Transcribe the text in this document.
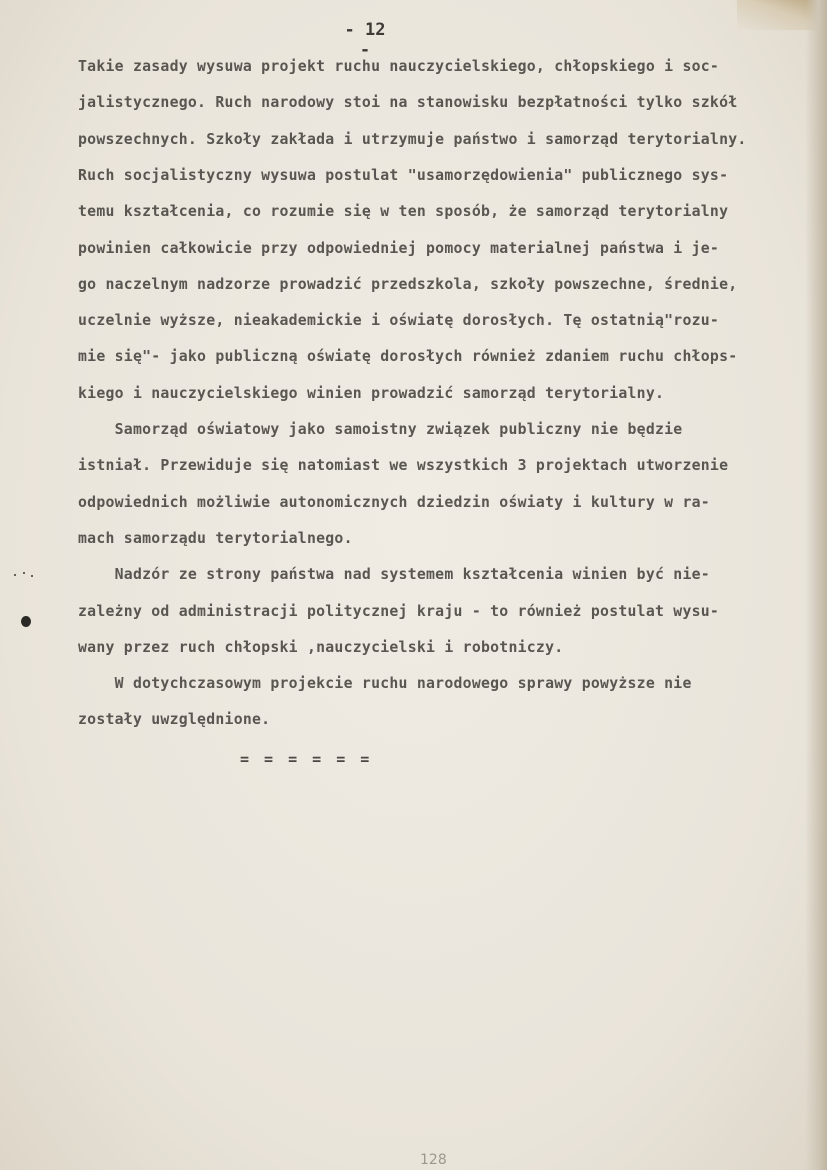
- 12 -
Takie zasady wysuwa projekt ruchu nauczycielskiego, chłopskiego i soc-
jalistycznego. Ruch narodowy stoi na stanowisku bezpłatności tylko szkół
powszechnych. Szkoły zakłada i utrzymuje państwo i samorząd terytorialny.
Ruch socjalistyczny wysuwa postulat "usamorzędowienia" publicznego sys-
temu kształcenia, co rozumie się w ten sposób, że samorząd terytorialny
powinien całkowicie przy odpowiedniej pomocy materialnej państwa i je-
go naczelnym nadzorze prowadzić przedszkola, szkoły powszechne, średnie,
uczelnie wyższe, nieakademickie i oświatę dorosłych. Tę ostatnią"rozu-
mie się"- jako publiczną oświatę dorosłych również zdaniem ruchu chłops-
kiego i nauczycielskiego winien prowadzić samorząd terytorialny.
Samorząd oświatowy jako samoistny związek publiczny nie będzie
istniał. Przewiduje się natomiast we wszystkich 3 projektach utworzenie
odpowiednich możliwie autonomicznych dziedzin oświaty i kultury w ra-
mach samorządu terytorialnego.
Nadzór ze strony państwa nad systemem kształcenia winien być nie-
zależny od administracji politycznej kraju - to również postulat wysu-
wany przez ruch chłopski ,nauczycielski i robotniczy.
W dotychczasowym projekcie ruchu narodowego sprawy powyższe nie
zostały uwzględnione.
= = = = = =
128
